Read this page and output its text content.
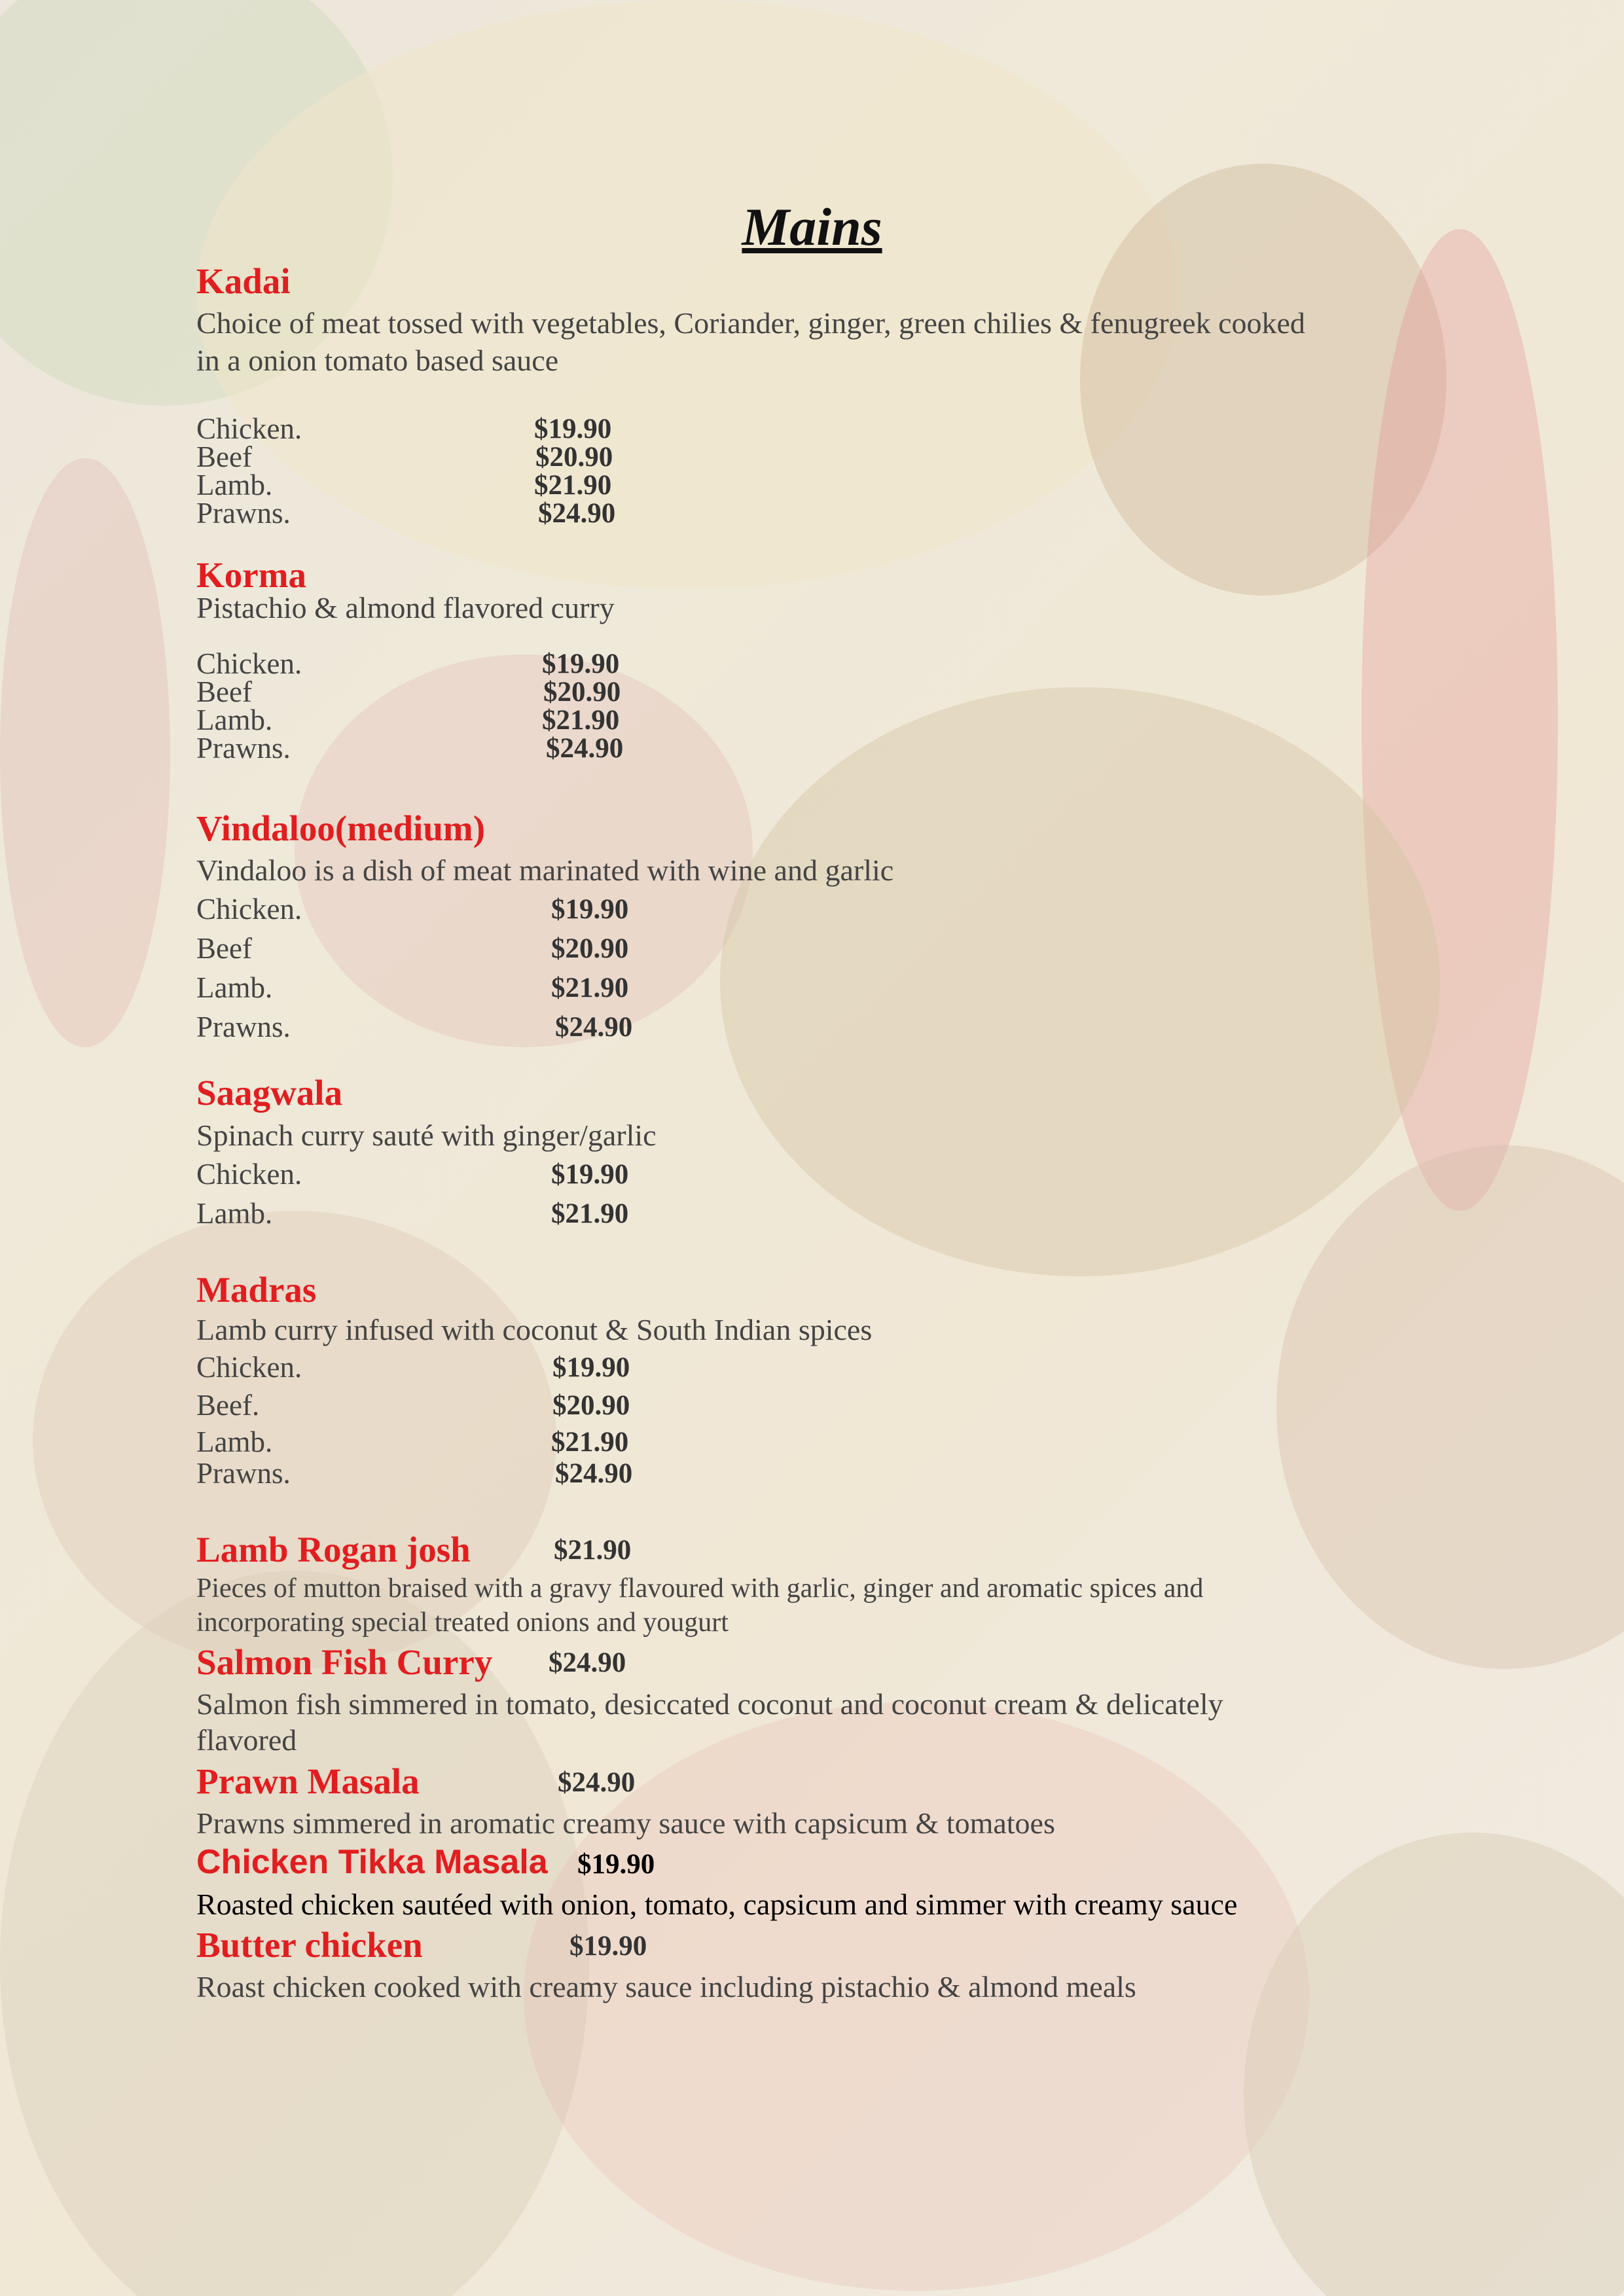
Mains
Kadai
Choice of meat tossed with vegetables, Coriander, ginger, green chilies & fenugreek cooked
in a onion tomato based sauce
Chicken.	$19.90
Beef	$20.90
Lamb.	$21.90
Prawns.	$24.90
Korma
Pistachio & almond flavored curry
Chicken.	$19.90
Beef	$20.90
Lamb.	$21.90
Prawns.	$24.90
Vindaloo(medium)
Vindaloo is a dish of meat marinated with wine and garlic
Chicken.	$19.90
Beef	$20.90
Lamb.	$21.90
Prawns.	$24.90
Saagwala
Spinach curry sauté with ginger/garlic
Chicken.	$19.90
Lamb.	$21.90
Madras
Lamb curry infused with coconut & South Indian spices
Chicken.	$19.90
Beef.	$20.90
Lamb.	$21.90
Prawns.	$24.90
Lamb Rogan josh	$21.90
Pieces of mutton braised with a gravy flavoured with garlic, ginger and aromatic spices and
incorporating special treated onions and yougurt
Salmon Fish Curry $24.90
Salmon fish simmered in tomato, desiccated coconut and coconut cream & delicately
flavored
Prawn Masala	$24.90
Prawns simmered in aromatic creamy sauce with capsicum & tomatoes
Chicken Tikka Masala $19.90
Roasted chicken sautéed with onion, tomato, capsicum and simmer with creamy sauce
Butter chicken	$19.90
Roast chicken cooked with creamy sauce including pistachio & almond meals
